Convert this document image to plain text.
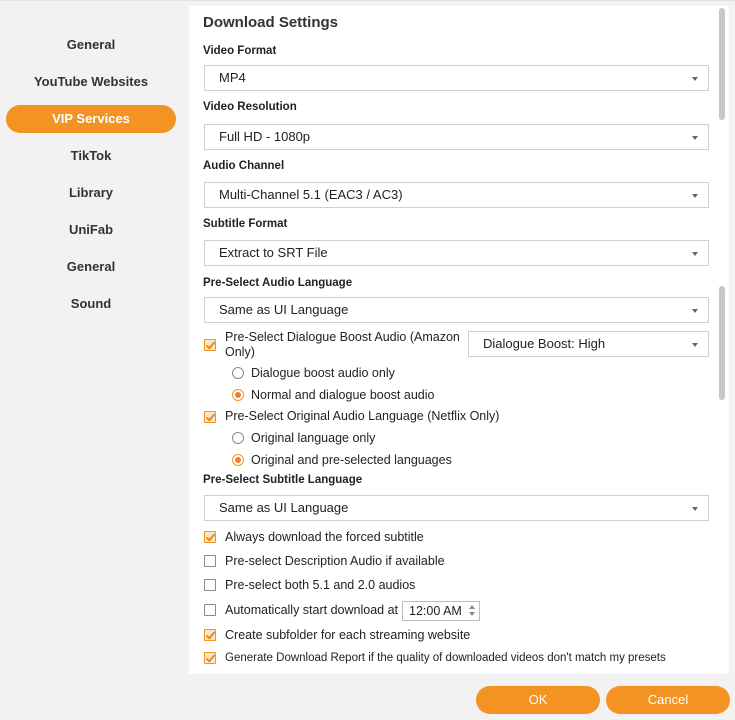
General
YouTube Websites
VIP Services
TikTok
Library
UniFab
General
Sound
Download Settings
Video Format
MP4
Video Resolution
Full HD - 1080p
Audio Channel
Multi-Channel 5.1 (EAC3 / AC3)
Subtitle Format
Extract to SRT File
Pre-Select Audio Language
Same as UI Language
Pre-Select Dialogue Boost Audio (Amazon
Only)
Dialogue Boost: High
Dialogue boost audio only
Normal and dialogue boost audio
Pre-Select Original Audio Language (Netflix Only)
Original language only
Original and pre-selected languages
Pre-Select Subtitle Language
Same as UI Language
Always download the forced subtitle
Pre-select Description Audio if available
Pre-select both 5.1 and 2.0 audios
Automatically start download at 12:00 AM
Create subfolder for each streaming website
Generate Download Report if the quality of downloaded videos don't match my presets
OK	Cancel
